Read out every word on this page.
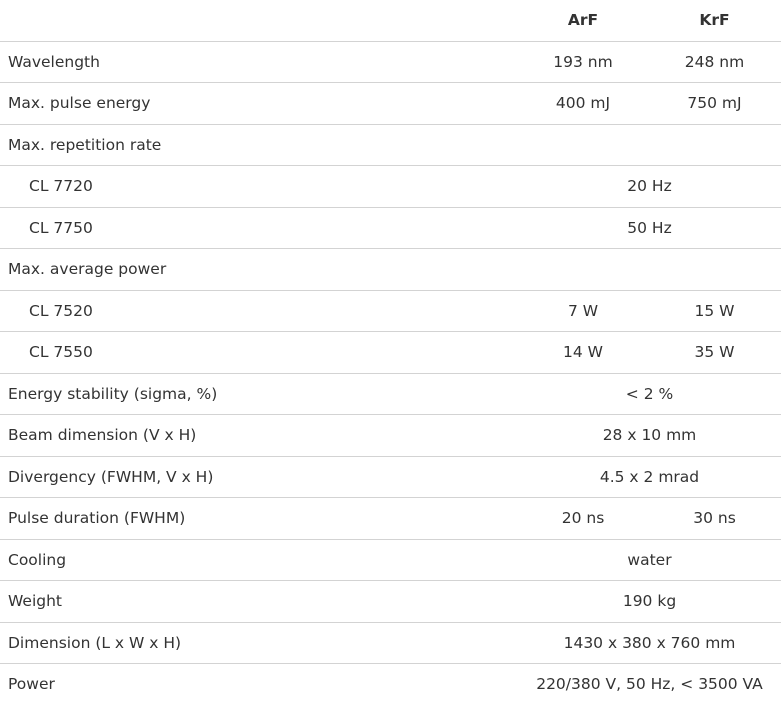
	ArF	KrF
Wavelength	193 nm	248 nm
Max. pulse energy	400 mJ	750 mJ
Max. repetition rate		
CL 7720	20 Hz	
CL 7750	50 Hz	
Max. average power		
CL 7520	7 W	15 W
CL 7550	14 W	35 W
Energy stability (sigma, %)	< 2 %	
Beam dimension (V x H)	28 x 10 mm	
Divergency (FWHM, V x H)	4.5 x 2 mrad	
Pulse duration (FWHM)	20 ns	30 ns
Cooling	water	
Weight	190 kg	
Dimension (L x W x H)	1430 x 380 x 760 mm	
Power	220/380 V, 50 Hz, < 3500 VA	
